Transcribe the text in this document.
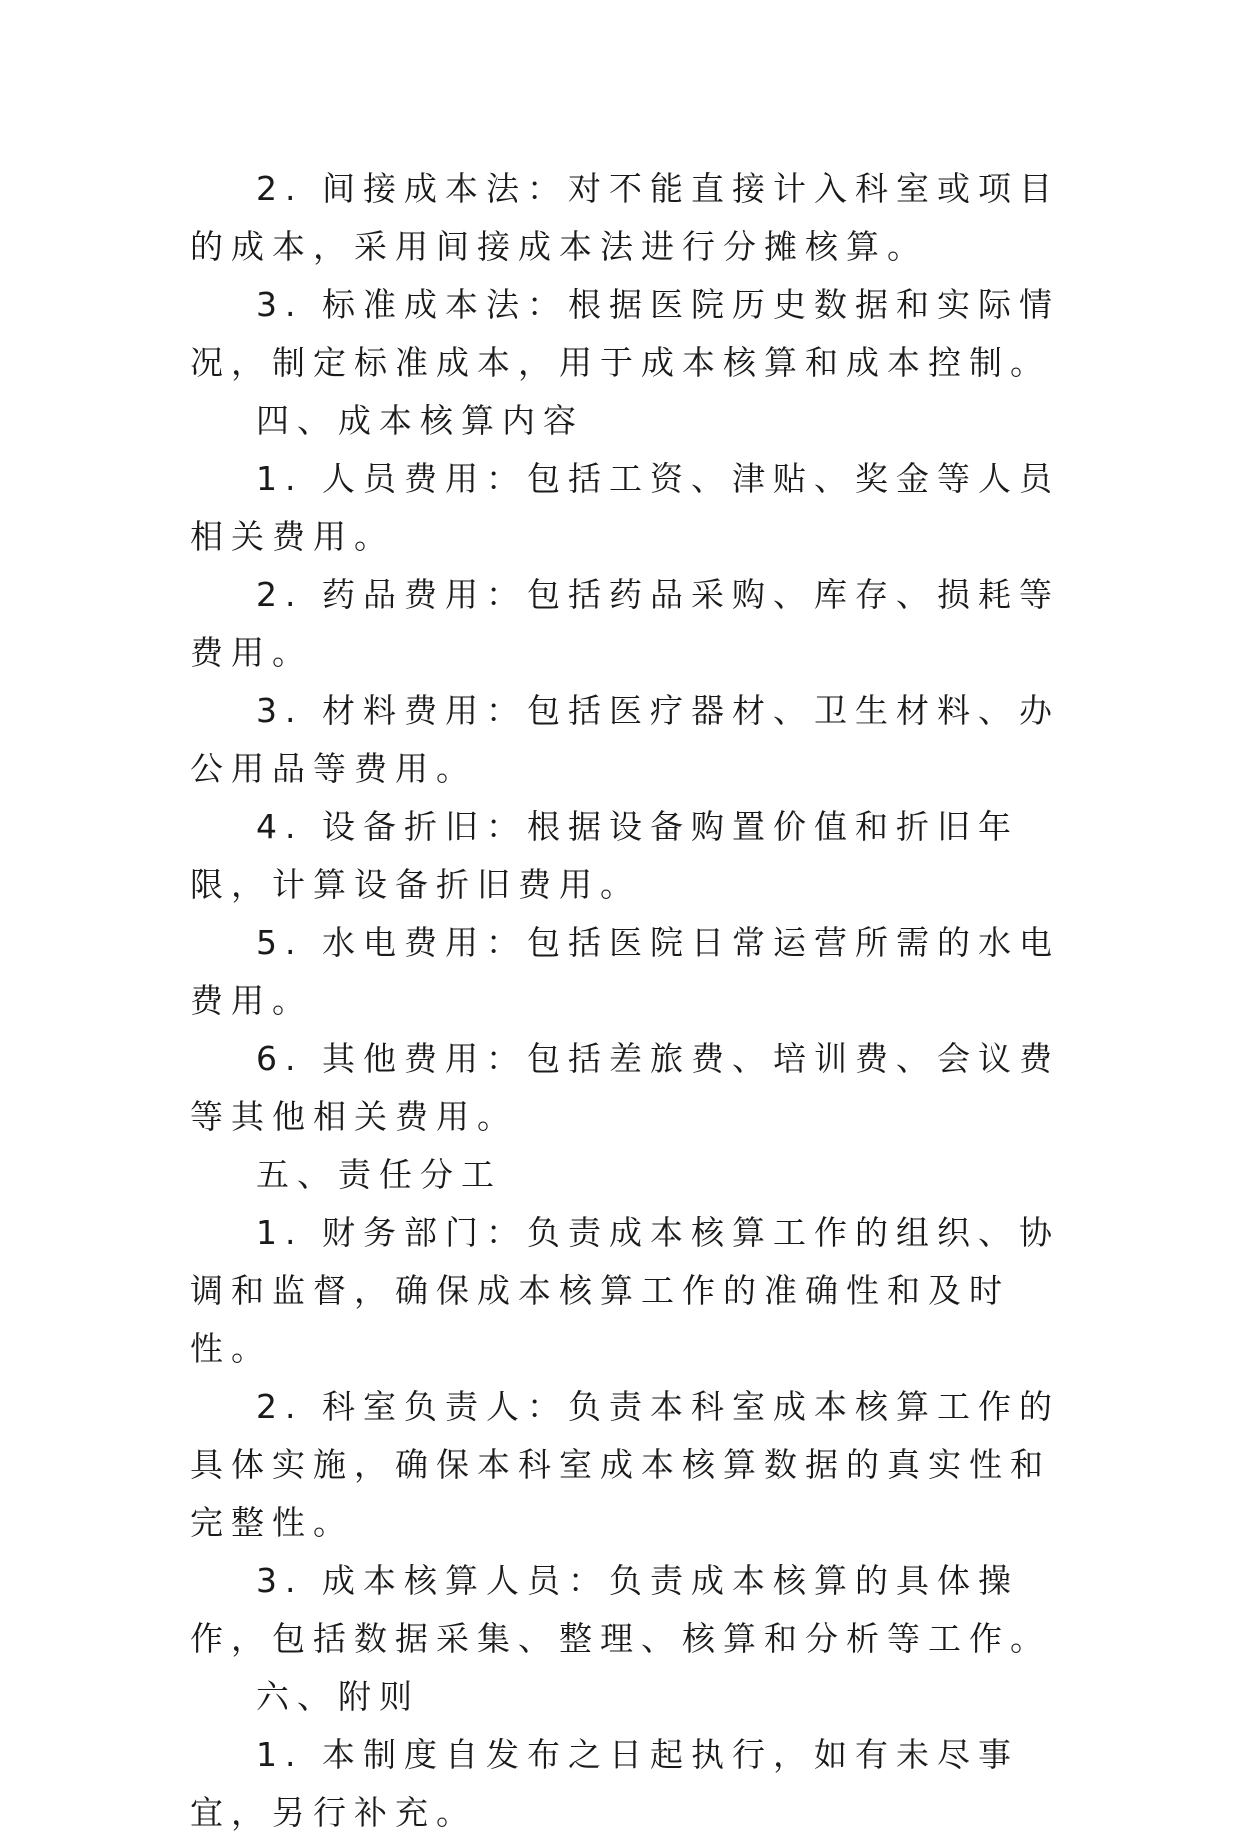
2. 间接成本法：对不能直接计入科室或项目的成本，采用间接成本法进行分摊核算。

3. 标准成本法：根据医院历史数据和实际情况，制定标准成本，用于成本核算和成本控制。

四、成本核算内容

1. 人员费用：包括工资、津贴、奖金等人员相关费用。

2. 药品费用：包括药品采购、库存、损耗等费用。

3. 材料费用：包括医疗器材、卫生材料、办公用品等费用。

4. 设备折旧：根据设备购置价值和折旧年限，计算设备折旧费用。

5. 水电费用：包括医院日常运营所需的水电费用。

6. 其他费用：包括差旅费、培训费、会议费等其他相关费用。

五、责任分工

1. 财务部门：负责成本核算工作的组织、协调和监督，确保成本核算工作的准确性和及时性。

2. 科室负责人：负责本科室成本核算工作的具体实施，确保本科室成本核算数据的真实性和完整性。

3. 成本核算人员：负责成本核算的具体操作，包括数据采集、整理、核算和分析等工作。

六、附则

1. 本制度自发布之日起执行，如有未尽事宜，另行补充。
